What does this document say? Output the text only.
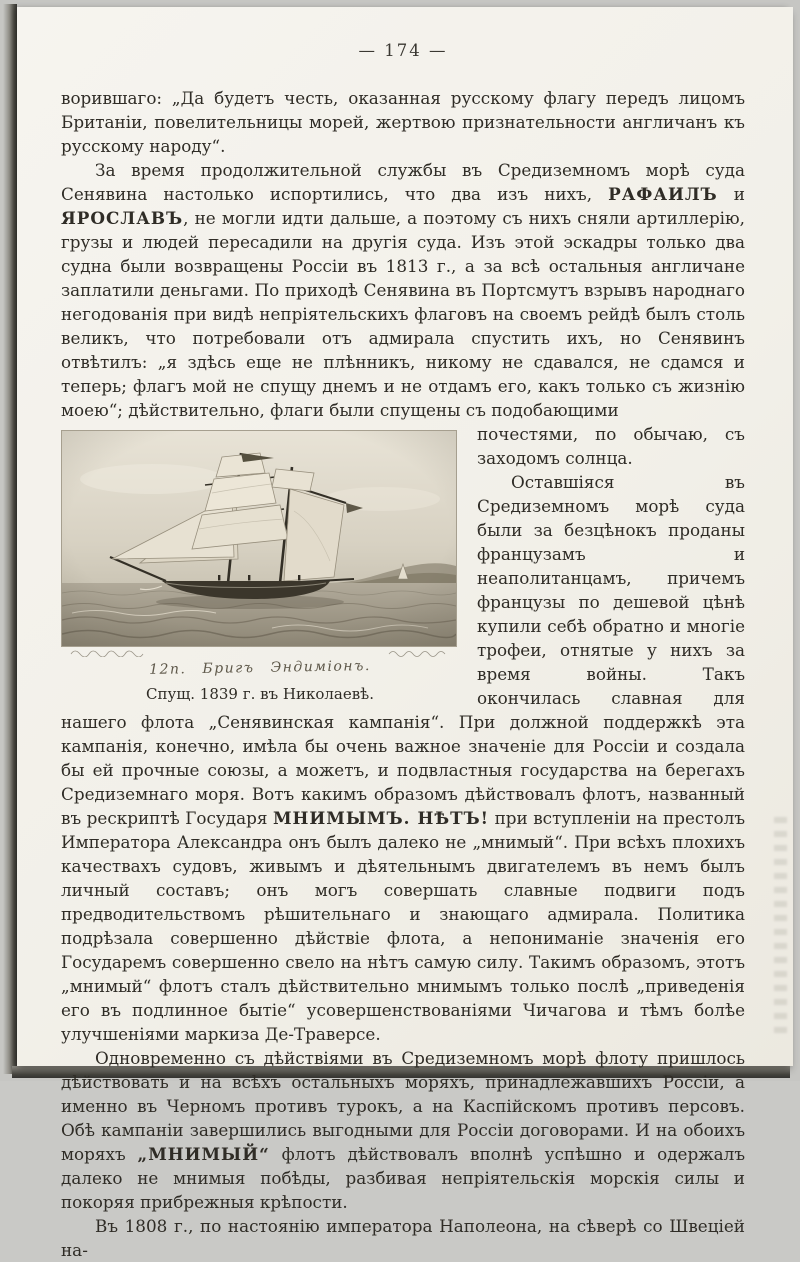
— 174 —

ворившаго: „Да будетъ честь, оказанная русскому флагу передъ лицомъ Британіи, повелительницы морей, жертвою признательности англичанъ къ русскому народу“.

За время продолжительной службы въ Средиземномъ морѣ суда Сенявина настолько испортились, что два изъ нихъ, РАФАИЛЪ и ЯРОСЛАВЪ, не могли идти дальше, а поэтому съ нихъ сняли артиллерію, грузы и людей пересадили на другія суда. Изъ этой эскадры только два судна были возвращены Россіи въ 1813 г., а за всѣ остальныя англичане заплатили деньгами. По приходѣ Сенявина въ Портсмутъ взрывъ народнаго негодованія при видѣ непріятельскихъ флаговъ на своемъ рейдѣ былъ столь великъ, что потребовали отъ адмирала спустить ихъ, но Сенявинъ отвѣтилъ: „я здѣсь еще не плѣнникъ, никому не сдавался, не сдамся и теперь; флагъ мой не спущу днемъ и не отдамъ его, какъ только съ жизнію моею“; дѣйствительно, флаги были спущены съ подобающими

12п. Бригъ Эндиміонъ.
Спущ. 1839 г. въ Николаевѣ.

почестями, по обычаю, съ заходомъ солнца.

Оставшіяся въ Средиземномъ морѣ суда были за безцѣнокъ проданы французамъ и неаполитанцамъ, причемъ французы по дешевой цѣнѣ купили себѣ обратно и многіе трофеи, отнятые у нихъ за время войны. Такъ окончилась славная для нашего флота „Сенявинская кампанія“. При должной поддержкѣ эта кампанія, конечно, имѣла бы очень важное значеніе для Россіи и создала бы ей прочные союзы, а можетъ, и подвластныя государства на берегахъ Средиземнаго моря. Вотъ какимъ образомъ дѣйствовалъ флотъ, названный въ рескриптѣ Государя МНИМЫМЪ. НѢТЪ! при вступленіи на престолъ Императора Александра онъ былъ далеко не „мнимый“. При всѣхъ плохихъ качествахъ судовъ, живымъ и дѣятельнымъ двигателемъ въ немъ былъ личный составъ; онъ могъ совершать славные подвиги подъ предводительствомъ рѣшительнаго и знающаго адмирала. Политика подрѣзала совершенно дѣйствіе флота, а непониманіе значенія его Государемъ совершенно свело на нѣтъ самую силу. Такимъ образомъ, этотъ „мнимый“ флотъ сталъ дѣйствительно мнимымъ только послѣ „приведенія его въ подлинное бытіе“ усовершенствованіями Чичагова и тѣмъ болѣе улучшеніями маркиза Де-Траверсе.

Одновременно съ дѣйствіями въ Средиземномъ морѣ флоту пришлось дѣйствовать и на всѣхъ остальныхъ моряхъ, принадлежавшихъ Россіи, а именно въ Черномъ противъ турокъ, а на Каспійскомъ противъ персовъ. Обѣ кампаніи завершились выгодными для Россіи договорами. И на обоихъ моряхъ „МНИМЫЙ“ флотъ дѣйствовалъ вполнѣ успѣшно и одержалъ далеко не мнимыя побѣды, разбивая непріятельскія морскія силы и покоряя прибрежныя крѣпости.

Въ 1808 г., по настоянію императора Наполеона, на сѣверѣ со Швеціей на-
